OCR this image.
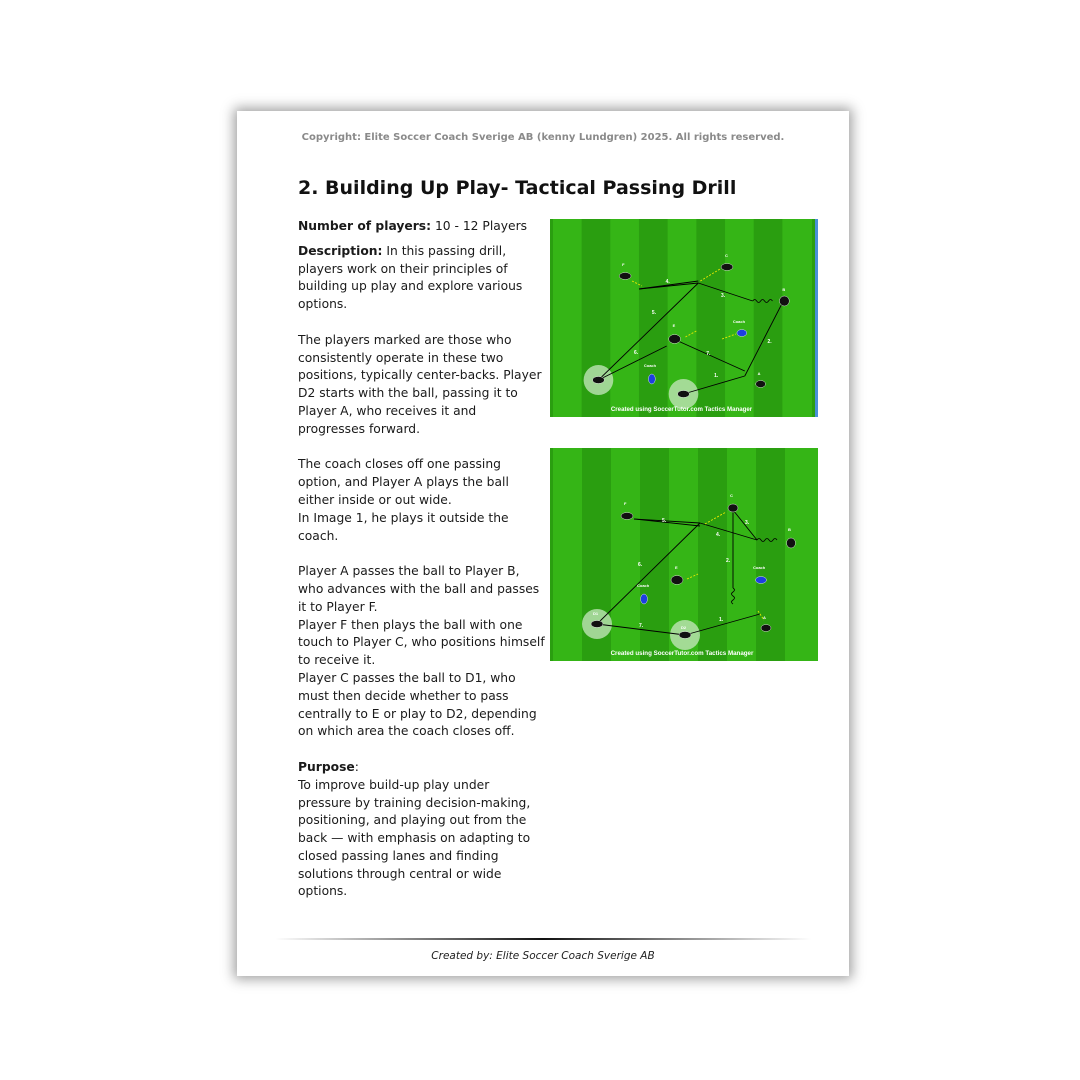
Copyright: Elite Soccer Coach Sverige AB (kenny Lundgren) 2025. All rights reserved.
2. Building Up Play- Tactical Passing Drill
Number of players: 10 - 12 Players
Description: In this passing drill, players work on their principles of building up play and explore various options.
The players marked are those who consistently operate in these two positions, typically center-backs. Player D2 starts with the ball, passing it to Player A, who receives it and progresses forward.
The coach closes off one passing option, and Player A plays the ball either inside or out wide.
In Image 1, he plays it outside the coach.
Player A passes the ball to Player B, who advances with the ball and passes it to Player F.
Player F then plays the ball with one touch to Player C, who positions himself to receive it.
Player C passes the ball to D1, who must then decide whether to pass centrally to E or play to D2, depending on which area the coach closes off.
Purpose:
To improve build-up play under pressure by training decision-making, positioning, and playing out from the back — with emphasis on adapting to closed passing lanes and finding solutions through central or wide options.
F
C
B
E
Coach
Coach
A
1.
2.
3.
4.
5.
6.	7.
Created using SoccerTutor.com Tactics Manager
F
C
B
E	Coach
Coach
A
D1
D2
1.
2.
3.
4.
5.
6.
7.
Created using SoccerTutor.com Tactics Manager
Created by: Elite Soccer Coach Sverige AB
